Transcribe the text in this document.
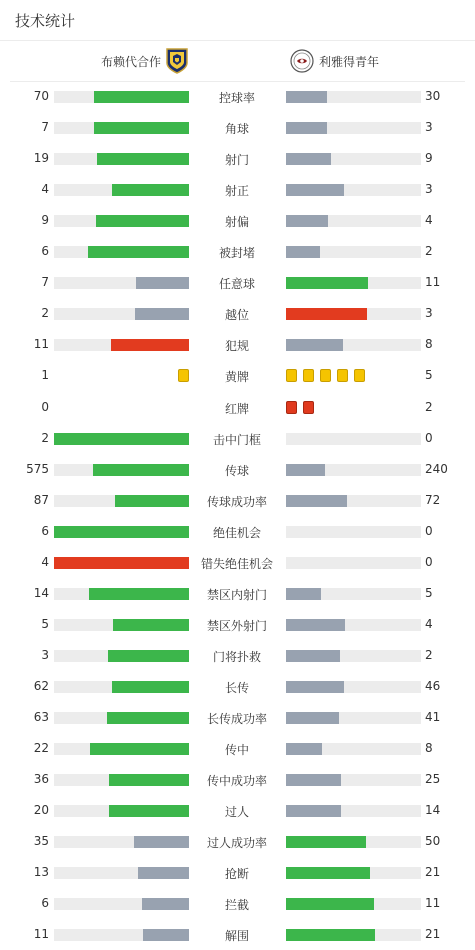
技术统计
布赖代合作	利雅得青年
70	控球率	30
7	角球	3
19	射门	9
4	射正	3
9	射偏	4
6	被封堵	2
7	任意球	11
2	越位	3
11	犯规	8
1	黄牌	5
0	红牌	2
2	击中门框	0
575	传球	240
87	传球成功率	72
6	绝佳机会	0
4	错失绝佳机会	0
14	禁区内射门	5
5	禁区外射门	4
3	门将扑救	2
62	长传	46
63	长传成功率	41
22	传中	8
36	传中成功率	25
20	过人	14
35	过人成功率	50
13	抢断	21
6	拦截	11
11	解围	21
